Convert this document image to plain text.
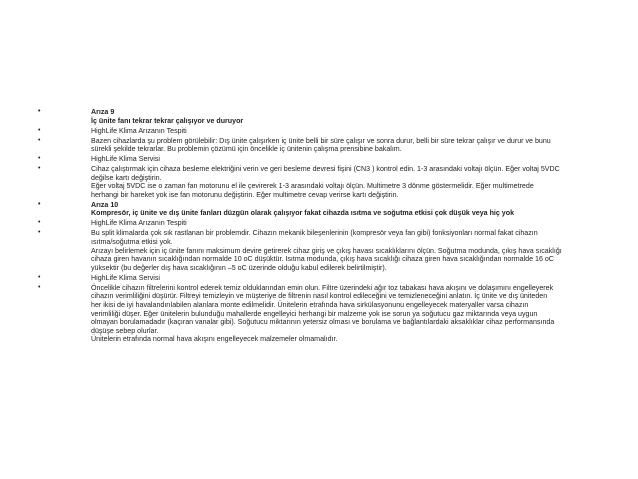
•	Arıza 9
İç ünite fanı tekrar tekrar çalışıyor ve duruyor
•	HighLife Klima Arızanın Tespiti
•	Bazen cihazlarda şu problem görülebilir: Dış ünite çalışırken iç ünite belli bir süre çalışır ve sonra durur, belli bir süre tekrar çalışır ve durur ve bunu
sürekli şekilde tekrarlar. Bu problemin çözümü için öncelikle iç ünitenin çalışma prensibine bakalım.
•	HighLife Klima Servisi
•	Cihaz çalıştırmak için cihaza besleme elektriğini verin ve geri besleme devresi fişini (CN3 ) kontrol edin. 1-3 arasındaki voltajı ölçün. Eğer voltaj 5VDC
değilse kartı değiştirin.
Eğer voltaj 5VDC ise o zaman fan motorunu el ile çevirerek 1-3 arasındaki voltajı ölçün. Multimetre 3 dönme göstermelidir. Eğer multimetrede
herhangi bir hareket yok ise fan motorunu değiştirin. Eğer multimetre cevap verirse kartı değiştirin.
•	Arıza 10
Kompresör, iç ünite ve dış ünite fanları düzgün olarak çalışıyor fakat cihazda ısıtma ve soğutma etkisi çok düşük veya hiç yok
•	HighLife Klima Arızanın Tespiti
•	Bu split klimalarda çok sık rastlanan bir problemdir. Cihazın mekanik bileşenlerinin (kompresör veya fan gibi) fonksiyonları normal fakat cihazın
ısıtma/soğutma etkisi yok.
Arızayı belirlemek için iç ünite fanını maksimum devire getirerek cihaz giriş ve çıkış havası sıcaklıklarını ölçün. Soğutma modunda, çıkış hava sıcaklığı
cihaza giren havanın sıcaklığından normalde 10 oC düşüktür. Isıtma modunda, çıkış hava sıcaklığı cihaza giren hava sıcaklığından normalde 16 oC
yüksektir (bu değerler dış hava sıcaklığının –5 oC üzerinde olduğu kabul edilerek belirtilmiştir).
•	HighLife Klima Servisi
•	Öncelikle cihazın filtrelerini kontrol ederek temiz olduklarından emin olun. Filtre üzerindeki ağır toz tabakası hava akışını ve dolaşımını engelleyerek
cihazın verimliliğini düşürür. Filtreyi temizleyin ve müşteriye de filtrenin nasıl kontrol edileceğini ve temizleneceğini anlatın. İç ünite ve dış üniteden
her ikisi de iyi havalandırılabilen alanlara monte edilmelidir. Ünitelerin etrafında hava sirkülasyonunu engelleyecek materyaller varsa cihazın
verimliliği düşer. Eğer ünitelerin bulunduğu mahallerde engelleyici herhangi bir malzeme yok ise sorun ya soğutucu gaz miktarında veya uygun
olmayan borulamadadır (kaçıran vanalar gibi). Soğutucu miktarının yetersiz olması ve borulama ve bağlantılardaki aksaklıklar cihaz performansında
düşüşe sebep olurlar.
Ünitelerin etrafında normal hava akışını engelleyecek malzemeler olmamalıdır.
